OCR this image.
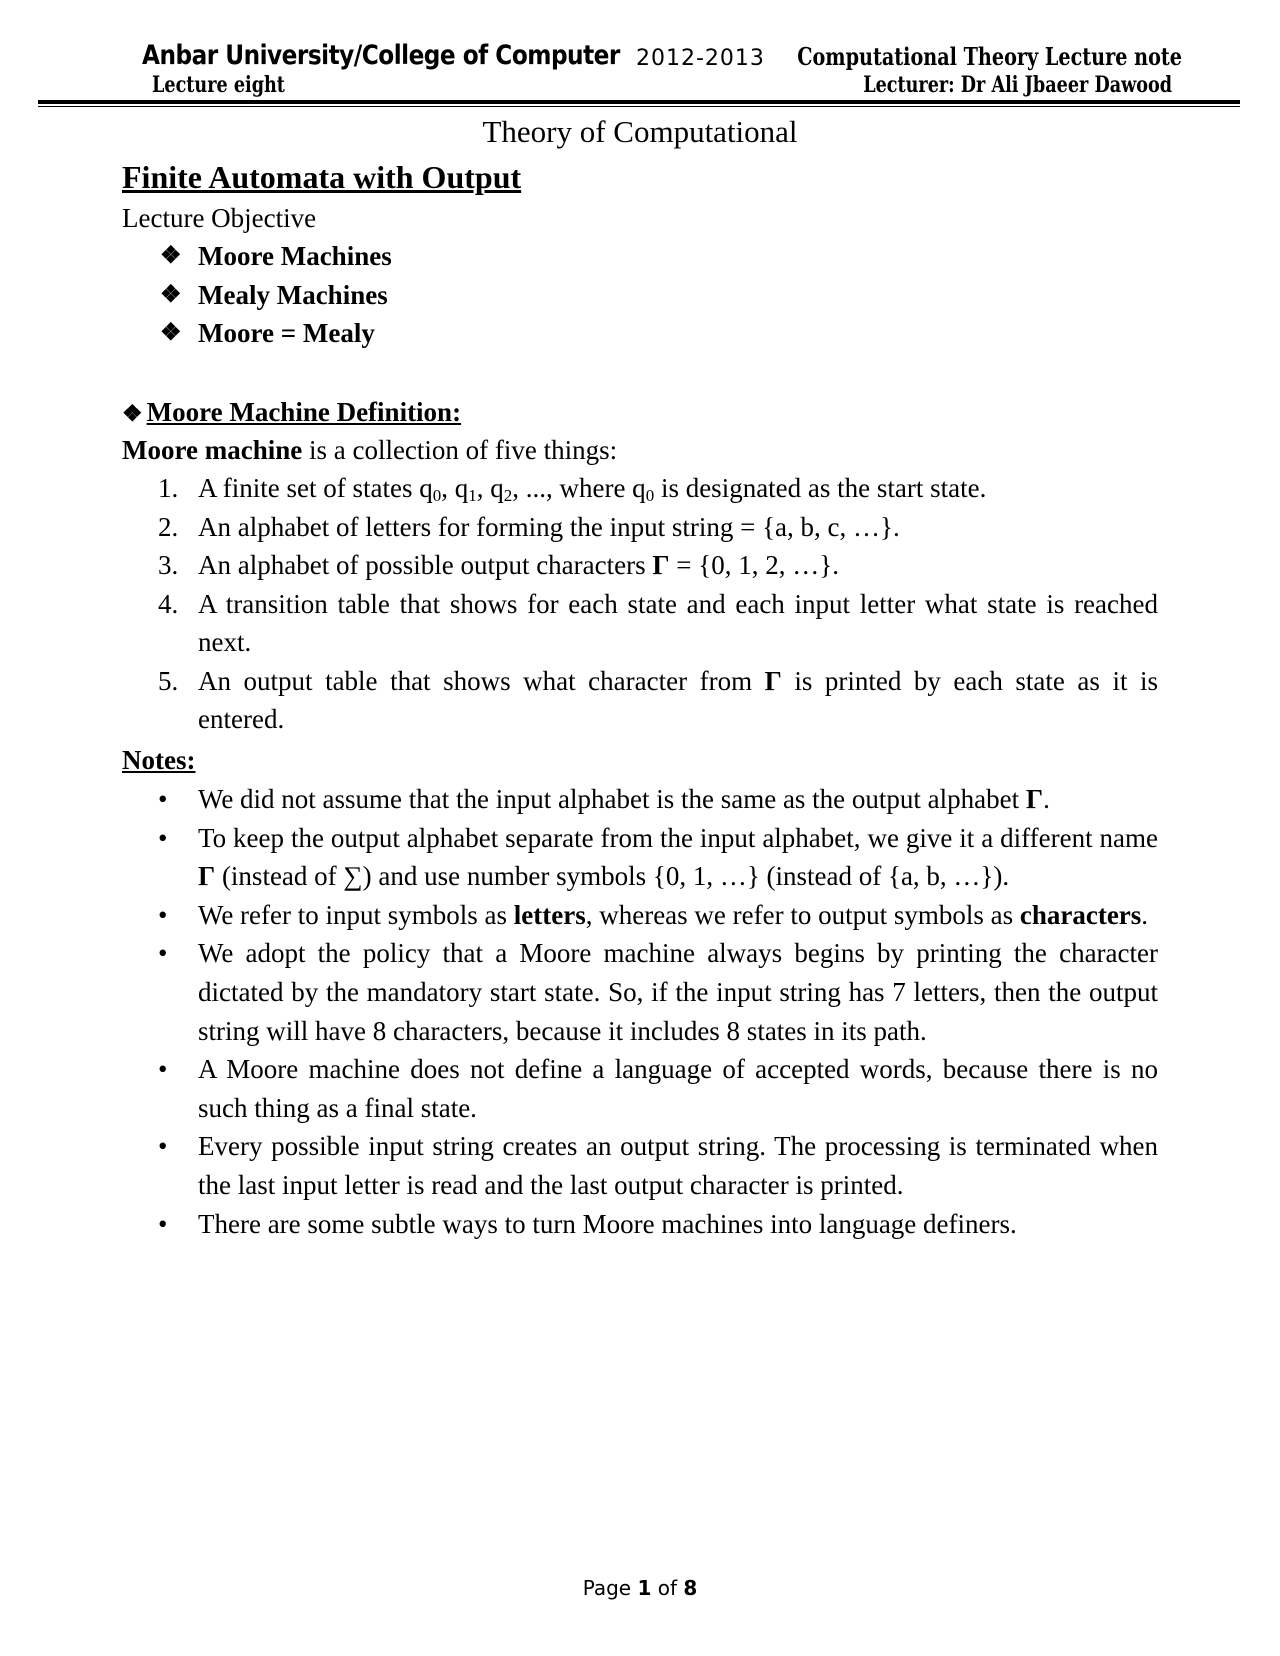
Anbar University/College of Computer 2012-2013 Computational Theory Lecture note
Lecture eight	Lecturer: Dr Ali Jbaeer Dawood
Theory of Computational
Finite Automata with Output
Lecture Objective
❖ Moore Machines
❖ Mealy Machines
❖ Moore = Mealy
❖ Moore Machine Definition:
Moore machine is a collection of five things:
1. A finite set of states $q_0$, $q_1$, $q_2$, ..., where $q_0$ is designated as the start state.
2. An alphabet of letters for forming the input string = {a, b, c, …}.
3. An alphabet of possible output characters Γ = {0, 1, 2, …}.
4. A transition table that shows for each state and each input letter what state is reached next.
5. An output table that shows what character from Γ is printed by each state as it is entered.
Notes:
• We did not assume that the input alphabet is the same as the output alphabet Γ.
• To keep the output alphabet separate from the input alphabet, we give it a different name Γ (instead of ∑) and use number symbols {0, 1, …} (instead of {a, b, …}).
• We refer to input symbols as letters, whereas we refer to output symbols as characters.
• We adopt the policy that a Moore machine always begins by printing the character dictated by the mandatory start state. So, if the input string has 7 letters, then the output string will have 8 characters, because it includes 8 states in its path.
• A Moore machine does not define a language of accepted words, because there is no such thing as a final state.
• Every possible input string creates an output string. The processing is terminated when the last input letter is read and the last output character is printed.
• There are some subtle ways to turn Moore machines into language definers.
Page 1 of 8
